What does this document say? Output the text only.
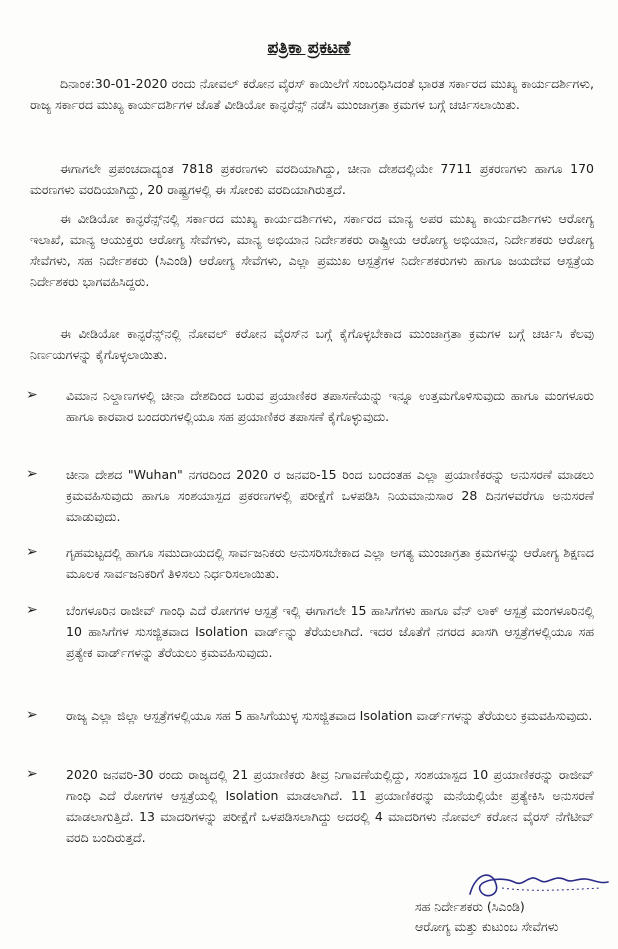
ಪತ್ರಿಕಾ ಪ್ರಕಟಣೆ
ದಿನಾಂಕ:30-01-2020 ರಂದು ನೋವಲ್ ಕರೋನ ವೈರಸ್ ಕಾಯಿಲೆಗೆ ಸಂಬಂಧಿಸಿದಂತೆ ಭಾರತ ಸರ್ಕಾರದ ಮುಖ್ಯ ಕಾರ್ಯದರ್ಶಿಗಳು, ರಾಜ್ಯ ಸರ್ಕಾರದ ಮುಖ್ಯ ಕಾರ್ಯದರ್ಶಿಗಳ ಜೊತೆ ವೀಡಿಯೋ ಕಾನ್ಫರೆನ್ಸ್ ನಡೆಸಿ ಮುಂಜಾಗ್ರತಾ ಕ್ರಮಗಳ ಬಗ್ಗೆ ಚರ್ಚಿಸಲಾಯಿತು.
ಈಗಾಗಲೇ ಪ್ರಪಂಚದಾದ್ಯಂತ 7818 ಪ್ರಕರಣಗಳು ವರದಿಯಾಗಿದ್ದು, ಚೀನಾ ದೇಶದಲ್ಲಿಯೇ 7711 ಪ್ರಕರಣಗಳು ಹಾಗೂ 170 ಮರಣಗಳು ವರದಿಯಾಗಿದ್ದು, 20 ರಾಷ್ಟ್ರಗಳಲ್ಲಿ ಈ ಸೋಂಕು ವರದಿಯಾಗಿರುತ್ತದೆ.
ಈ ವೀಡಿಯೋ ಕಾನ್ಫರೆನ್ಸ್‌ನಲ್ಲಿ ಸರ್ಕಾರದ ಮುಖ್ಯ ಕಾರ್ಯದರ್ಶಿಗಳು, ಸರ್ಕಾರದ ಮಾನ್ಯ ಅಪರ ಮುಖ್ಯ ಕಾರ್ಯದರ್ಶಿಗಳು ಆರೋಗ್ಯ ಇಲಾಖೆ, ಮಾನ್ಯ ಆಯುಕ್ತರು ಆರೋಗ್ಯ ಸೇವೆಗಳು, ಮಾನ್ಯ ಅಭಿಯಾನ ನಿರ್ದೇಶಕರು ರಾಷ್ಟ್ರೀಯ ಆರೋಗ್ಯ ಅಭಿಯಾನ, ನಿರ್ದೇಶಕರು ಆರೋಗ್ಯ ಸೇವೆಗಳು, ಸಹ ನಿರ್ದೇಶಕರು (ಸಿಎಂಡಿ) ಆರೋಗ್ಯ ಸೇವೆಗಳು, ಎಲ್ಲಾ ಪ್ರಮುಖ ಆಸ್ಪತ್ರೆಗಳ ನಿರ್ದೇಶಕರುಗಳು ಹಾಗೂ ಜಯದೇವ ಆಸ್ಪತ್ರೆಯ ನಿರ್ದೇಶಕರು ಭಾಗವಹಿಸಿದ್ದರು.
ಈ ವೀಡಿಯೋ ಕಾನ್ಫರೆನ್ಸ್‌ನಲ್ಲಿ ನೋವಲ್ ಕರೋನ ವೈರಸ್‌ನ ಬಗ್ಗೆ ಕೈಗೊಳ್ಳಬೇಕಾದ ಮುಂಜಾಗ್ರತಾ ಕ್ರಮಗಳ ಬಗ್ಗೆ ಚರ್ಚಿಸಿ ಕೆಲವು ನಿರ್ಣಯಗಳನ್ನು ಕೈಗೊಳ್ಳಲಾಯಿತು.
➢	ವಿಮಾನ ನಿಲ್ದಾಣಗಳಲ್ಲಿ ಚೀನಾ ದೇಶದಿಂದ ಬರುವ ಪ್ರಯಾಣಿಕರ ತಪಾಸಣೆಯನ್ನು ಇನ್ನೂ ಉತ್ತಮಗೊಳಿಸುವುದು ಹಾಗೂ ಮಂಗಳೂರು ಹಾಗೂ ಕಾರವಾರ ಬಂದರುಗಳಲ್ಲಿಯೂ ಸಹ ಪ್ರಯಾಣಿಕರ ತಪಾಸಣೆ ಕೈಗೊಳ್ಳುವುದು.
➢	ಚೀನಾ ದೇಶದ "Wuhan" ನಗರದಿಂದ 2020 ರ ಜನವರಿ-15 ರಿಂದ ಬಂದಂತಹ ಎಲ್ಲಾ ಪ್ರಯಾಣಿಕರನ್ನು ಅನುಸರಣೆ ಮಾಡಲು ಕ್ರಮವಹಿಸುವುದು ಹಾಗೂ ಸಂಶಯಾಸ್ಪದ ಪ್ರಕರಣಗಳಲ್ಲಿ ಪರೀಕ್ಷೆಗೆ ಒಳಪಡಿಸಿ ನಿಯಮಾನುಸಾರ 28 ದಿನಗಳವರೆಗೂ ಅನುಸರಣೆ ಮಾಡುವುದು.
➢	ಗೃಹಮಟ್ಟದಲ್ಲಿ ಹಾಗೂ ಸಮುದಾಯದಲ್ಲಿ ಸಾರ್ವಜನಿಕರು ಅನುಸರಿಸಬೇಕಾದ ಎಲ್ಲಾ ಅಗತ್ಯ ಮುಂಜಾಗ್ರತಾ ಕ್ರಮಗಳನ್ನು ಆರೋಗ್ಯ ಶಿಕ್ಷಣದ ಮೂಲಕ ಸಾರ್ವಜನಿಕರಿಗೆ ತಿಳಿಸಲು ನಿರ್ಧರಿಸಲಾಯಿತು.
➢	ಬೆಂಗಳೂರಿನ ರಾಜೀವ್ ಗಾಂಧಿ ಎದೆ ರೋಗಗಳ ಆಸ್ಪತ್ರೆ ಇಲ್ಲಿ ಈಗಾಗಲೇ 15 ಹಾಸಿಗೆಗಳು ಹಾಗೂ ವೆನ್ ಲಾಕ್ ಆಸ್ಪತ್ರೆ ಮಂಗಳೂರಿನಲ್ಲಿ 10 ಹಾಸಿಗೆಗಳ ಸುಸಜ್ಜಿತವಾದ Isolation ವಾರ್ಡ್‌ನ್ನು ತೆರೆಯಲಾಗಿದೆ. ಇದರ ಜೊತೆಗೆ ನಗರದ ಖಾಸಗಿ ಆಸ್ಪತ್ರೆಗಳಲ್ಲಿಯೂ ಸಹ ಪ್ರತ್ಯೇಕ ವಾರ್ಡ್‌ಗಳನ್ನು ತೆರೆಯಲು ಕ್ರಮವಹಿಸುವುದು.
➢	ರಾಜ್ಯ ಎಲ್ಲಾ ಜಿಲ್ಲಾ ಆಸ್ಪತ್ರೆಗಳಲ್ಲಿಯೂ ಸಹ 5 ಹಾಸಿಗೆಯುಳ್ಳ ಸುಸಜ್ಜಿತವಾದ Isolation ವಾರ್ಡ್‌ಗಳನ್ನು ತೆರೆಯಲು ಕ್ರಮವಹಿಸುವುದು.
➢	2020 ಜನವರಿ-30 ರಂದು ರಾಜ್ಯದಲ್ಲಿ 21 ಪ್ರಯಾಣಿಕರು ತೀವ್ರ ನಿಗಾವಣೆಯಲ್ಲಿದ್ದು, ಸಂಶಯಾಸ್ಪದ 10 ಪ್ರಯಾಣಿಕರನ್ನು ರಾಜೀವ್ ಗಾಂಧಿ ಎದೆ ರೋಗಗಳ ಆಸ್ಪತ್ರೆಯಲ್ಲಿ Isolation ಮಾಡಲಾಗಿದೆ. 11 ಪ್ರಯಾಣಿಕರನ್ನು ಮನೆಯಲ್ಲಿಯೇ ಪ್ರತ್ಯೇಕಿಸಿ ಅನುಸರಣೆ ಮಾಡಲಾಗುತ್ತಿದೆ. 13 ಮಾದರಿಗಳನ್ನು ಪರೀಕ್ಷೆಗೆ ಒಳಪಡಿಸಲಾಗಿದ್ದು ಅದರಲ್ಲಿ 4 ಮಾದರಿಗಳು ನೋವಲ್ ಕರೋನ ವೈರಸ್ ನೆಗೆಟೀವ್ ವರದಿ ಬಂದಿರುತ್ತದೆ.
ಸಹ ನಿರ್ದೇಶಕರು (ಸಿಎಂಡಿ)
ಆರೋಗ್ಯ ಮತ್ತು ಕುಟುಂಬ ಸೇವೆಗಳು
